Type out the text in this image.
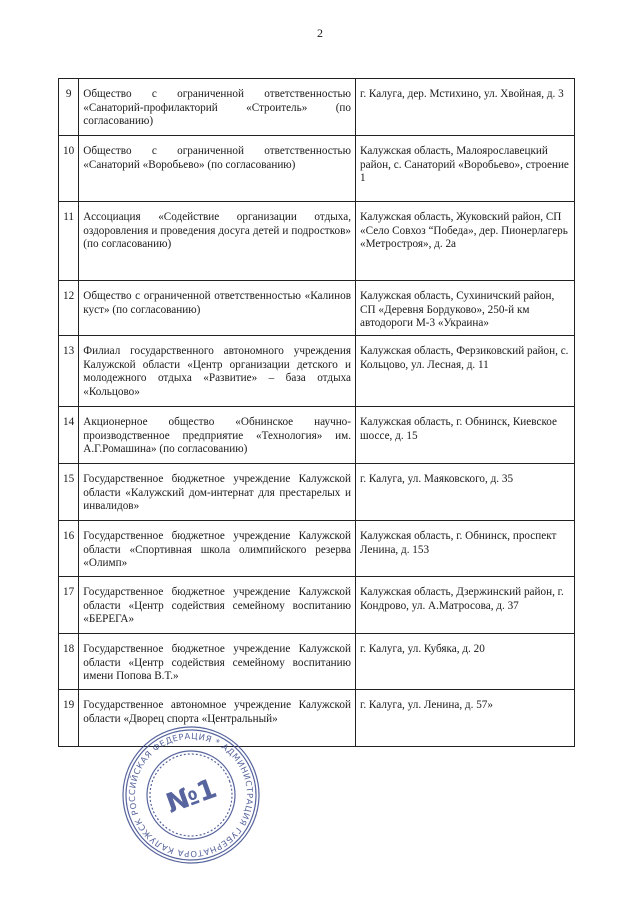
2
9	Общество с ограниченной ответственностью «Санаторий-профилакторий «Строитель» (по согласованию)	г. Калуга, дер. Мстихино, ул. Хвойная, д. 3
10	Общество с ограниченной ответственностью «Санаторий «Воробьево» (по согласованию)	Калужская область, Малоярославецкий район, с. Санаторий «Воробьево», строение 1
11	Ассоциация «Содействие организации отдыха, оздоровления и проведения досуга детей и подростков» (по согласованию)	Калужская область, Жуковский район, СП «Село Совхоз “Победа», дер. Пионерлагерь «Метростроя», д. 2а
12	Общество с ограниченной ответственностью «Калинов куст» (по согласованию)	Калужская область, Сухиничский район, СП «Деревня Бордуково», 250-й км автодороги М-3 «Украина»
13	Филиал государственного автономного учреждения Калужской области «Центр организации детского и молодежного отдыха «Развитие» – база отдыха «Кольцово»	Калужская область, Ферзиковский район, с. Кольцово, ул. Лесная, д. 11
14	Акционерное общество «Обнинское научно-производственное предприятие «Технология» им. А.Г.Ромашина» (по согласованию)	Калужская область, г. Обнинск, Киевское шоссе, д. 15
15	Государственное бюджетное учреждение Калужской области «Калужский дом-интернат для престарелых и инвалидов»	г. Калуга, ул. Маяковского, д. 35
16	Государственное бюджетное учреждение Калужской области «Спортивная школа олимпийского резерва «Олимп»	Калужская область, г. Обнинск, проспект Ленина, д. 153
17	Государственное бюджетное учреждение Калужской области «Центр содействия семейному воспитанию «БЕРЕГА»	Калужская область, Дзержинский район, г. Кондрово, ул. А.Матросова, д. 37
18	Государственное бюджетное учреждение Калужской области «Центр содействия семейному воспитанию имени Попова В.Т.»	г. Калуга, ул. Кубяка, д. 20
19	Государственное автономное учреждение Калужской области «Дворец спорта «Центральный»	г. Калуга, ул. Ленина, д. 57»
РОССИЙСКАЯ ФЕДЕРАЦИЯ * АДМИНИСТРАЦИЯ ГУБЕРНАТОРА КАЛУЖСКОЙ
№1
